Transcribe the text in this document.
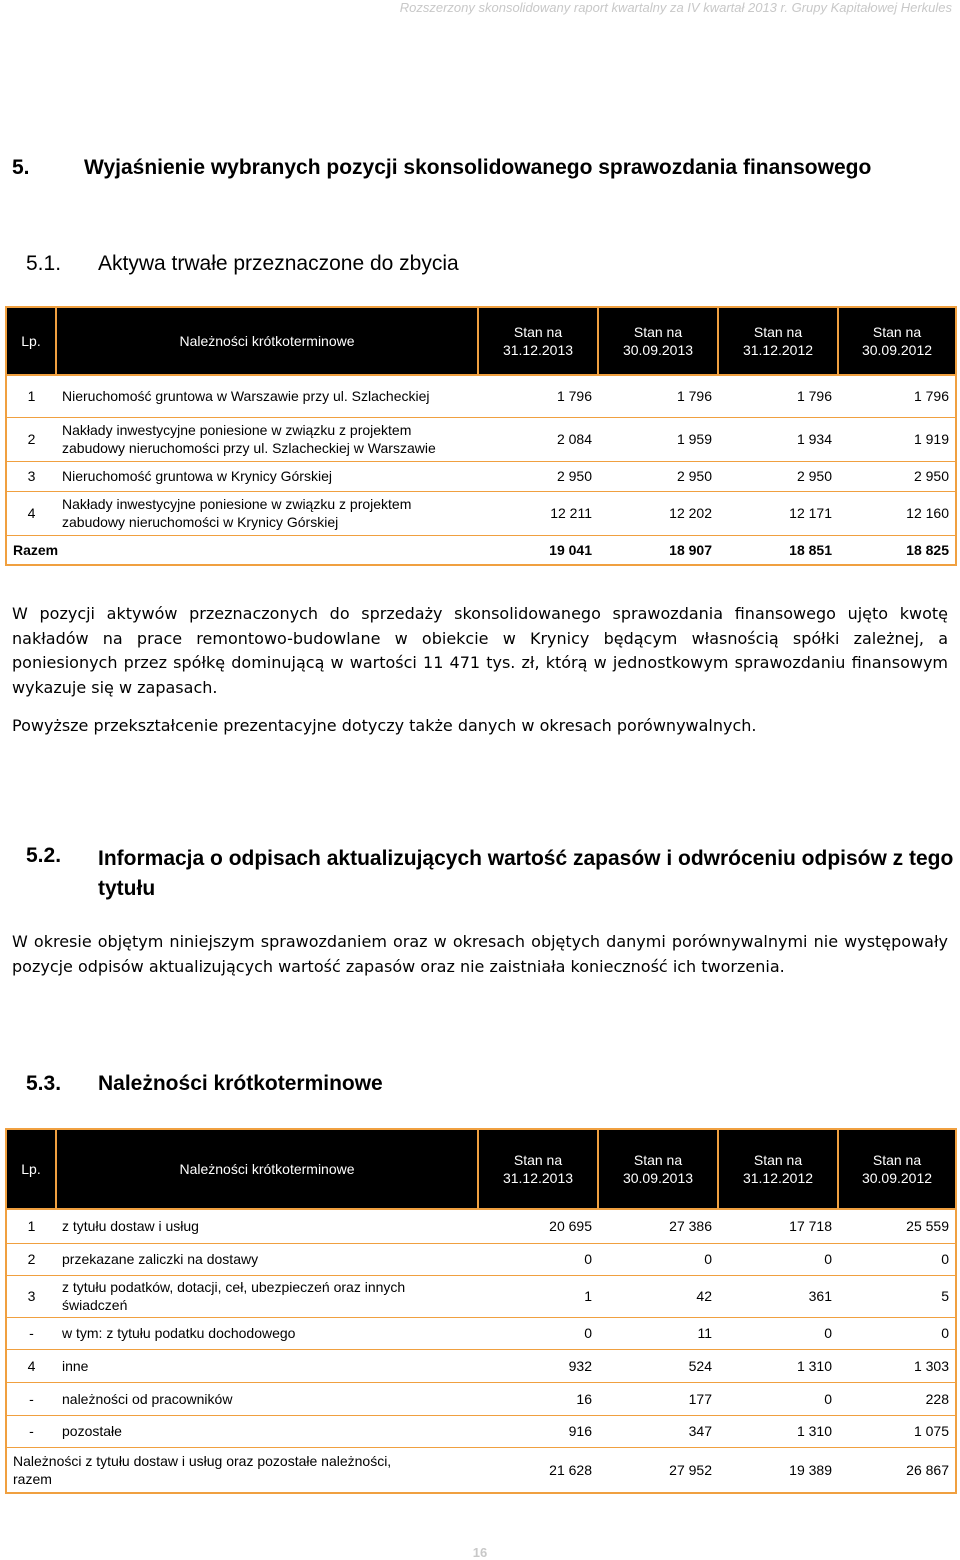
Rozszerzony skonsolidowany raport kwartalny za IV kwartał 2013 r. Grupy Kapitałowej Herkules
5.	Wyjaśnienie wybranych pozycji skonsolidowanego sprawozdania finansowego
5.1. Aktywa trwałe przeznaczone do zbycia
Lp.	Należności krótkoterminowe	Stan na 31.12.2013	Stan na 30.09.2013	Stan na 31.12.2012	Stan na 30.09.2012
1	Nieruchomość gruntowa w Warszawie przy ul. Szlacheckiej	1 796	1 796	1 796	1 796
2	Nakłady inwestycyjne poniesione w związku z projektem zabudowy nieruchomości przy ul. Szlacheckiej w Warszawie	2 084	1 959	1 934	1 919
3	Nieruchomość gruntowa w Krynicy Górskiej	2 950	2 950	2 950	2 950
4	Nakłady inwestycyjne poniesione w związku z projektem zabudowy nieruchomości w Krynicy Górskiej	12 211	12 202	12 171	12 160
Razem		19 041	18 907	18 851	18 825
W pozycji aktywów przeznaczonych do sprzedaży skonsolidowanego sprawozdania finansowego ujęto kwotę nakładów na prace remontowo-budowlane w obiekcie w Krynicy będącym własnością spółki zależnej, a poniesionych przez spółkę dominującą w wartości 11 471 tys. zł, którą w jednostkowym sprawozdaniu finansowym wykazuje się w zapasach.
Powyższe przekształcenie prezentacyjne dotyczy także danych w okresach porównywalnych.
5.2. Informacja o odpisach aktualizujących wartość zapasów i odwróceniu odpisów z tego tytułu
W okresie objętym niniejszym sprawozdaniem oraz w okresach objętych danymi porównywalnymi nie występowały pozycje odpisów aktualizujących wartość zapasów oraz nie zaistniała konieczność ich tworzenia.
5.3. Należności krótkoterminowe
Lp.	Należności krótkoterminowe	Stan na 31.12.2013	Stan na 30.09.2013	Stan na 31.12.2012	Stan na 30.09.2012
1	z tytułu dostaw i usług	20 695	27 386	17 718	25 559
2	przekazane zaliczki na dostawy	0	0	0	0
3	z tytułu podatków, dotacji, ceł, ubezpieczeń oraz innych świadczeń	1	42	361	5
-	w tym: z tytułu podatku dochodowego	0	11	0	0
4	inne	932	524	1 310	1 303
-	należności od pracowników	16	177	0	228
-	pozostałe	916	347	1 310	1 075
Należności z tytułu dostaw i usług oraz pozostałe należności, razem		21 628	27 952	19 389	26 867
16
